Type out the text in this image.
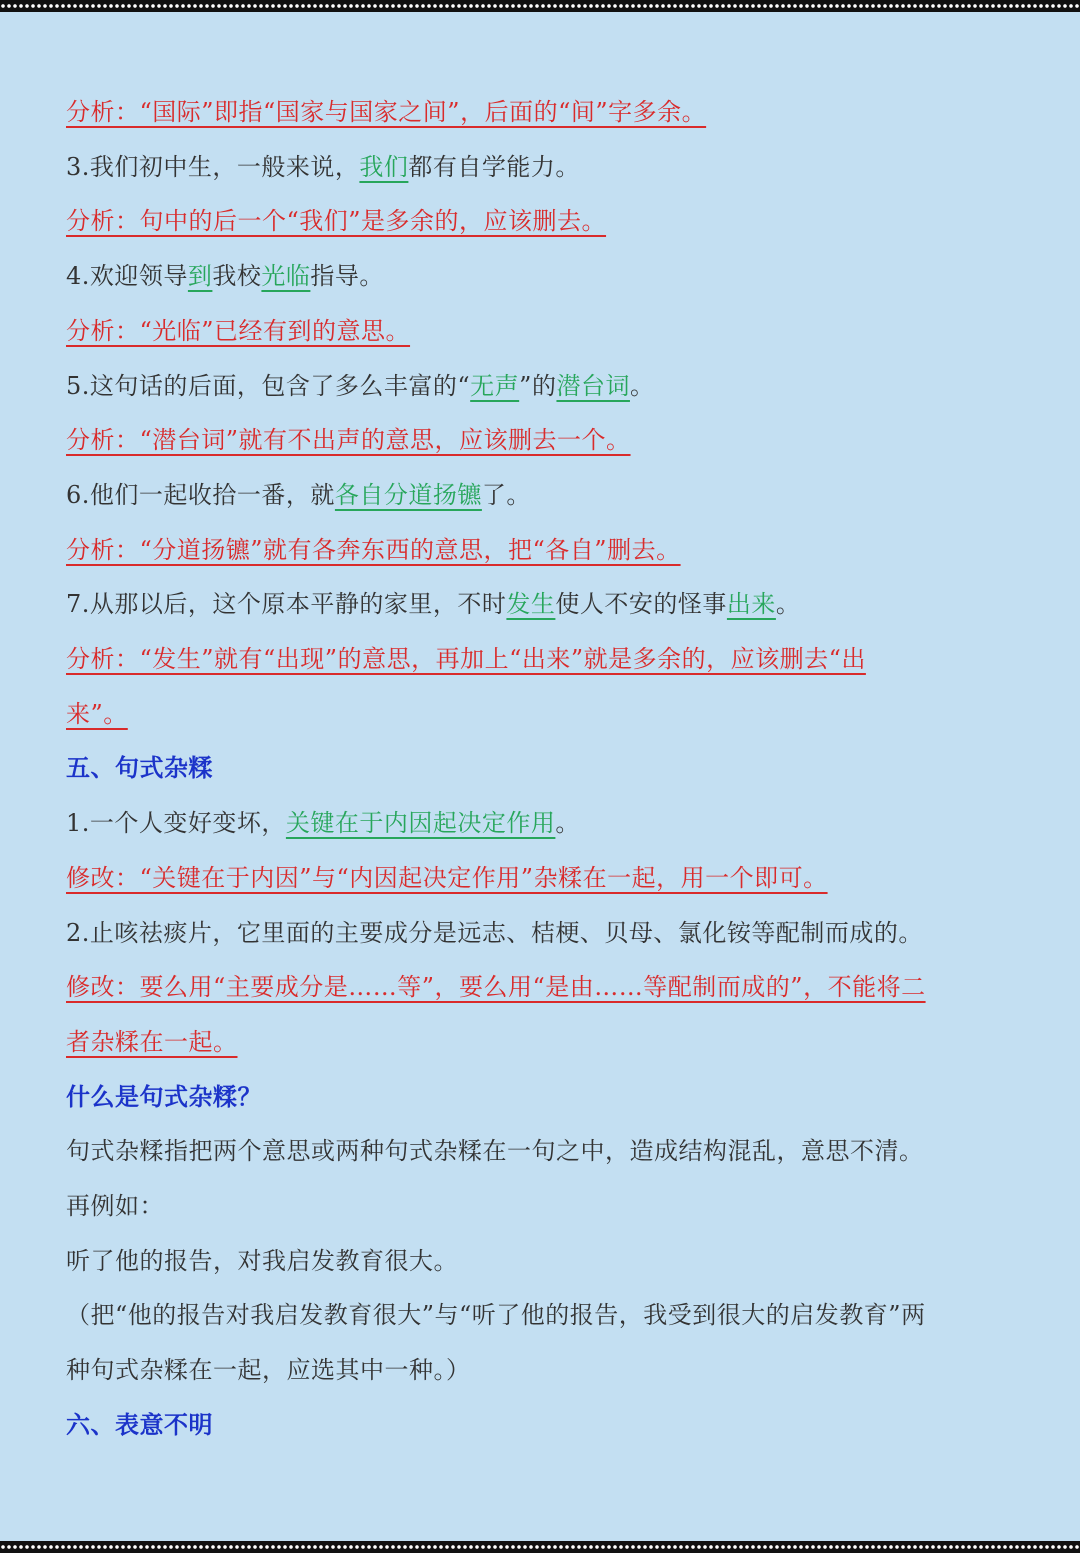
分析：“国际”即指“国家与国家之间”，后面的“间”字多余。
3.我们初中生，一般来说，我们都有自学能力。
分析：句中的后一个“我们”是多余的，应该删去。
4.欢迎领导到我校光临指导。
分析：“光临”已经有到的意思。
5.这句话的后面，包含了多么丰富的“无声”的潜台词。
分析：“潜台词”就有不出声的意思，应该删去一个。
6.他们一起收拾一番，就各自分道扬镳了。
分析：“分道扬镳”就有各奔东西的意思，把“各自”删去。
7.从那以后，这个原本平静的家里，不时发生使人不安的怪事出来。
分析：“发生”就有“出现”的意思，再加上“出来”就是多余的，应该删去“出
来”。
五、句式杂糅
1.一个人变好变坏，关键在于内因起决定作用。
修改：“关键在于内因”与“内因起决定作用”杂糅在一起，用一个即可。
2.止咳祛痰片，它里面的主要成分是远志、桔梗、贝母、氯化铵等配制而成的。
修改：要么用“主要成分是……等”，要么用“是由……等配制而成的”，不能将二
者杂糅在一起。
什么是句式杂糅？
句式杂糅指把两个意思或两种句式杂糅在一句之中，造成结构混乱，意思不清。
再例如：
听了他的报告，对我启发教育很大。
（把“他的报告对我启发教育很大”与“听了他的报告，我受到很大的启发教育”两
种句式杂糅在一起，应选其中一种。）
六、表意不明
